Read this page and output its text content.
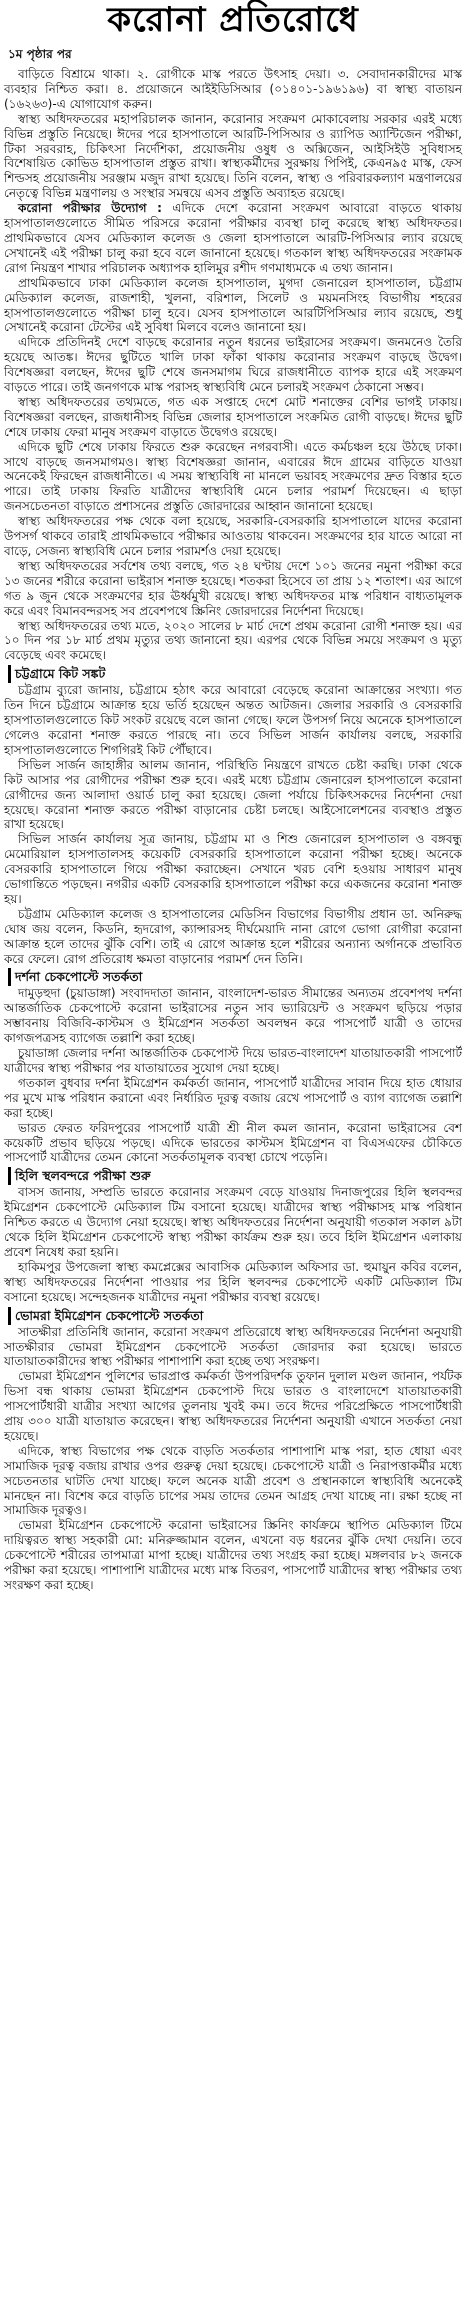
করোনা প্রতিরোধে
১ম পৃষ্ঠার পর

বাড়িতে বিশ্রামে থাকা। ২. রোগীকে মাস্ক পরতে উৎসাহ দেয়া। ৩. সেবাদানকারীদের মাস্ক ব্যবহার নিশ্চিত করা। ৪. প্রয়োজনে আইইডিসিআর (০১৪০১-১৯৬১৯৬) বা স্বাস্থ্য বাতায়ন (১৬২৬৩)-এ যোগাযোগ করুন।

স্বাস্থ্য অধিদফতরের মহাপরিচালক জানান, করোনার সংক্রমণ মোকাবেলায় সরকার এরই মধ্যে বিভিন্ন প্রস্তুতি নিয়েছে। ঈদের পরে হাসপাতালে আরটি-পিসিআর ও র‌্যাপিড অ্যান্টিজেন পরীক্ষা, টিকা সরবরাহ, চিকিৎসা নির্দেশিকা, প্রয়োজনীয় ওষুধ ও অক্সিজেন, আইসিইউ সুবিধাসহ বিশেষায়িত কোভিড হাসপাতাল প্রস্তুত রাখা। স্বাস্থ্যকর্মীদের সুরক্ষায় পিপিই, কেএন৯৫ মাস্ক, ফেস শিল্ডসহ প্রয়োজনীয় সরঞ্জাম মজুদ রাখা হয়েছে। তিনি বলেন, স্বাস্থ্য ও পরিবারকল্যাণ মন্ত্রণালয়ের নেতৃত্বে বিভিন্ন মন্ত্রণালয় ও সংস্থার সমন্বয়ে এসব প্রস্তুতি অব্যাহত রয়েছে।

করোনা পরীক্ষার উদ্যোগ : এদিকে দেশে করোনা সংক্রমণ আবারো বাড়তে থাকায় হাসপাতালগুলোতে সীমিত পরিসরে করোনা পরীক্ষার ব্যবস্থা চালু করেছে স্বাস্থ্য অধিদফতর। প্রাথমিকভাবে যেসব মেডিক্যাল কলেজ ও জেলা হাসপাতালে আরটি-পিসিআর ল্যাব রয়েছে সেখানেই এই পরীক্ষা চালু করা হবে বলে জানানো হয়েছে। গতকাল স্বাস্থ্য অধিদফতরের সংক্রামক রোগ নিয়ন্ত্রণ শাখার পরিচালক অধ্যাপক হালিমুর রশীদ গণমাধ্যমকে এ তথ্য জানান।

প্রাথমিকভাবে ঢাকা মেডিক্যাল কলেজ হাসপাতাল, মুগদা জেনারেল হাসপাতাল, চট্টগ্রাম মেডিক্যাল কলেজ, রাজশাহী, খুলনা, বরিশাল, সিলেট ও ময়মনসিংহ বিভাগীয় শহরের হাসপাতালগুলোতে পরীক্ষা চালু হবে। যেসব হাসপাতালে আরটিপিসিআর ল্যাব রয়েছে, শুধু সেখানেই করোনা টেস্টের এই সুবিধা মিলবে বলেও জানানো হয়।

এদিকে প্রতিদিনই দেশে বাড়ছে করোনার নতুন ধরনের ভাইরাসের সংক্রমণ। জনমনেও তৈরি হয়েছে আতঙ্ক। ঈদের ছুটিতে খালি ঢাকা ফাঁকা থাকায় করোনার সংক্রমণ বাড়ছে উদ্বেগ। বিশেষজ্ঞরা বলছেন, ঈদের ছুটি শেষে জনসমাগম ঘিরে রাজধানীতে ব্যাপক হারে এই সংক্রমণ বাড়তে পারে। তাই জনগণকে মাস্ক পরাসহ স্বাস্থ্যবিধি মেনে চলারই সংক্রমণ ঠেকানো সম্ভব।

স্বাস্থ্য অধিদফতরের তথ্যমতে, গত এক সপ্তাহে দেশে মোট শনাক্তের বেশির ভাগই ঢাকায়। বিশেষজ্ঞরা বলছেন, রাজধানীসহ বিভিন্ন জেলার হাসপাতালে সংক্রমিত রোগী বাড়ছে। ঈদের ছুটি শেষে ঢাকায় ফেরা মানুষ সংক্রমণ বাড়াতে উদ্বেগও রয়েছে।

এদিকে ছুটি শেষে ঢাকায় ফিরতে শুরু করেছেন নগরবাসী। এতে কর্মচঞ্চল হয়ে উঠছে ঢাকা। সাথে বাড়ছে জনসমাগমও। স্বাস্থ্য বিশেষজ্ঞরা জানান, এবারের ঈদে গ্রামের বাড়িতে যাওয়া অনেকেই ফিরছেন রাজধানীতে। এ সময় স্বাস্থ্যবিধি না মানলে ভয়াবহ সংক্রমণের দ্রুত বিস্তার হতে পারে। তাই ঢাকায় ফিরতি যাত্রীদের স্বাস্থ্যবিধি মেনে চলার পরামর্শ দিয়েছেন। এ ছাড়া জনসচেতনতা বাড়াতে প্রশাসনের প্রস্তুতি জোরদারের আহ্বান জানানো হয়েছে।

স্বাস্থ্য অধিদফতরের পক্ষ থেকে বলা হয়েছে, সরকারি-বেসরকারি হাসপাতালে যাদের করোনা উপসর্গ থাকবে তারাই প্রাথমিকভাবে পরীক্ষার আওতায় থাকবেন। সংক্রমণের হার যাতে আরো না বাড়ে, সেজন্য স্বাস্থ্যবিধি মেনে চলার পরামর্শও দেয়া হয়েছে।

স্বাস্থ্য অধিদফতরের সর্বশেষ তথ্য বলছে, গত ২৪ ঘণ্টায় দেশে ১০১ জনের নমুনা পরীক্ষা করে ১৩ জনের শরীরে করোনা ভাইরাস শনাক্ত হয়েছে। শতকরা হিসেবে তা প্রায় ১২ শতাংশ। এর আগে গত ৯ জুন থেকে সংক্রমণের হার ঊর্ধ্বমুখী রয়েছে। স্বাস্থ্য অধিদফতর মাস্ক পরিধান বাধ্যতামূলক করে এবং বিমানবন্দরসহ সব প্রবেশপথে স্ক্রিনিং জোরদারের নির্দেশনা দিয়েছে।

স্বাস্থ্য অধিদফতরের তথ্য মতে, ২০২০ সালের ৮ মার্চ দেশে প্রথম করোনা রোগী শনাক্ত হয়। এর ১০ দিন পর ১৮ মার্চ প্রথম মৃত্যুর তথ্য জানানো হয়। এরপর থেকে বিভিন্ন সময়ে সংক্রমণ ও মৃত্যু বেড়েছে এবং কমেছে।

চট্টগ্রামে কিট সঙ্কট

চট্টগ্রাম ব্যুরো জানায়, চট্টগ্রামে হঠাৎ করে আবারো বেড়েছে করোনা আক্রান্তের সংখ্যা। গত তিন দিনে চট্টগ্রামে আক্রান্ত হয়ে ভর্তি হয়েছেন অন্তত আটজন। জেলার সরকারি ও বেসরকারি হাসপাতালগুলোতে কিট সংকট রয়েছে বলে জানা গেছে। ফলে উপসর্গ নিয়ে অনেকে হাসপাতালে গেলেও করোনা শনাক্ত করতে পারছে না। তবে সিভিল সার্জন কার্যালয় বলছে, সরকারি হাসপাতালগুলোতে শিগগিরই কিট পৌঁছাবে।

সিভিল সার্জন জাহাঙ্গীর আলম জানান, পরিস্থিতি নিয়ন্ত্রণে রাখতে চেষ্টা করছি। ঢাকা থেকে কিট আসার পর রোগীদের পরীক্ষা শুরু হবে। এরই মধ্যে চট্টগ্রাম জেনারেল হাসপাতালে করোনা রোগীদের জন্য আলাদা ওয়ার্ড চালু করা হয়েছে। জেলা পর্যায়ে চিকিৎসকদের নির্দেশনা দেয়া হয়েছে। করোনা শনাক্ত করতে পরীক্ষা বাড়ানোর চেষ্টা চলছে। আইসোলেশনের ব্যবস্থাও প্রস্তুত রাখা হয়েছে।

সিভিল সার্জন কার্যালয় সূত্র জানায়, চট্টগ্রাম মা ও শিশু জেনারেল হাসপাতাল ও বঙ্গবন্ধু মেমোরিয়াল হাসপাতালসহ কয়েকটি বেসরকারি হাসপাতালে করোনা পরীক্ষা হচ্ছে। অনেকে বেসরকারি হাসপাতালে গিয়ে পরীক্ষা করাচ্ছেন। সেখানে খরচ বেশি হওয়ায় সাধারণ মানুষ ভোগান্তিতে পড়ছেন। নগরীর একটি বেসরকারি হাসপাতালে পরীক্ষা করে একজনের করোনা শনাক্ত হয়।

চট্টগ্রাম মেডিক্যাল কলেজ ও হাসপাতালের মেডিসিন বিভাগের বিভাগীয় প্রধান ডা. অনিরুদ্ধ ঘোষ জয় বলেন, কিডনি, হৃদরোগ, ক্যান্সারসহ দীর্ঘমেয়াদি নানা রোগে ভোগা রোগীরা করোনা আক্রান্ত হলে তাদের ঝুঁকি বেশি। তাই এ রোগে আক্রান্ত হলে শরীরের অন্যান্য অর্গানকে প্রভাবিত করে ফেলে। রোগ প্রতিরোধ ক্ষমতা বাড়ানোর পরামর্শ দেন তিনি।

দর্শনা চেকপোস্টে সতর্কতা

দামুড়হুদা (চুয়াডাঙ্গা) সংবাদদাতা জানান, বাংলাদেশ-ভারত সীমান্তের অন্যতম প্রবেশপথ দর্শনা আন্তর্জাতিক চেকপোস্টে করোনা ভাইরাসের নতুন সাব ভ্যারিয়েন্ট ও সংক্রমণ ছড়িয়ে পড়ার সম্ভাবনায় বিজিবি-কাস্টমস ও ইমিগ্রেশন সতর্কতা অবলম্বন করে পাসপোর্ট যাত্রী ও তাদের কাগজপত্রসহ ব্যাগেজ তল্লাশি করা হচ্ছে।

চুয়াডাঙ্গা জেলার দর্শনা আন্তর্জাতিক চেকপোস্ট দিয়ে ভারত-বাংলাদেশ যাতায়াতকারী পাসপোর্ট যাত্রীদের স্বাস্থ্য পরীক্ষার পর যাতায়াতের সুযোগ দেয়া হচ্ছে।

গতকাল বুধবার দর্শনা ইমিগ্রেশন কর্মকর্তা জানান, পাসপোর্ট যাত্রীদের সাবান দিয়ে হাত ধোয়ার পর মুখে মাস্ক পরিধান করানো এবং নির্ধারিত দূরত্ব বজায় রেখে পাসপোর্ট ও ব্যাগ ব্যাগেজ তল্লাশি করা হচ্ছে।

ভারত ফেরত ফরিদপুরের পাসপোর্ট যাত্রী শ্রী নীল কমল জানান, করোনা ভাইরাসের বেশ কয়েকটি প্রভাব ছড়িয়ে পড়ছে। এদিকে ভারতের কাস্টমস ইমিগ্রেশন বা বিএসএফের চৌকিতে পাসপোর্ট যাত্রীদের তেমন কোনো সতর্কতামূলক ব্যবস্থা চোখে পড়েনি।

হিলি স্থলবন্দরে পরীক্ষা শুরু

বাসস জানায়, সম্প্রতি ভারতে করোনার সংক্রমণ বেড়ে যাওয়ায় দিনাজপুরের হিলি স্থলবন্দর ইমিগ্রেশন চেকপোস্টে মেডিক্যাল টিম বসানো হয়েছে। যাত্রীদের স্বাস্থ্য পরীক্ষাসহ মাস্ক পরিধান নিশ্চিত করতে এ উদ্যোগ নেয়া হয়েছে। স্বাস্থ্য অধিদফতরের নির্দেশনা অনুযায়ী গতকাল সকাল ৯টা থেকে হিলি ইমিগ্রেশন চেকপোস্টে স্বাস্থ্য পরীক্ষা কার্যক্রম শুরু হয়। তবে হিলি ইমিগ্রেশন এলাকায় প্রবেশ নিষেধ করা হয়নি।

হাকিমপুর উপজেলা স্বাস্থ্য কমপ্লেক্সের আবাসিক মেডিক্যাল অফিসার ডা. হুমায়ুন কবির বলেন, স্বাস্থ্য অধিদফতরের নির্দেশনা পাওয়ার পর হিলি স্থলবন্দর চেকপোস্টে একটি মেডিক্যাল টিম বসানো হয়েছে। সন্দেহজনক যাত্রীদের নমুনা পরীক্ষার ব্যবস্থা রয়েছে।

ভোমরা ইমিগ্রেশন চেকপোস্টে সতর্কতা

সাতক্ষীরা প্রতিনিধি জানান, করোনা সংক্রমণ প্রতিরোধে স্বাস্থ্য অধিদফতরের নির্দেশনা অনুযায়ী সাতক্ষীরার ভোমরা ইমিগ্রেশন চেকপোস্টে সতর্কতা জোরদার করা হয়েছে। ভারতে যাতায়াতকারীদের স্বাস্থ্য পরীক্ষার পাশাপাশি করা হচ্ছে তথ্য সংরক্ষণ।

ভোমরা ইমিগ্রেশন পুলিশের ভারপ্রাপ্ত কর্মকর্তা উপপরিদর্শক তুফান দুলাল মণ্ডল জানান, পর্যটক ভিসা বন্ধ থাকায় ভোমরা ইমিগ্রেশন চেকপোস্ট দিয়ে ভারত ও বাংলাদেশে যাতায়াতকারী পাসপোর্টধারী যাত্রীর সংখ্যা আগের তুলনায় খুবই কম। তবে ঈদের পরিপ্রেক্ষিতে পাসপোর্টধারী প্রায় ৩০০ যাত্রী যাতায়াত করেছেন। স্বাস্থ্য অধিদফতরের নির্দেশনা অনুযায়ী এখানে সতর্কতা নেয়া হয়েছে।

এদিকে, স্বাস্থ্য বিভাগের পক্ষ থেকে বাড়তি সতর্কতার পাশাপাশি মাস্ক পরা, হাত ধোয়া এবং সামাজিক দূরত্ব বজায় রাখার ওপর গুরুত্ব দেয়া হয়েছে। চেকপোস্টে যাত্রী ও নিরাপত্তাকর্মীর মধ্যে সচেতনতার ঘাটতি দেখা যাচ্ছে। ফলে অনেক যাত্রী প্রবেশ ও প্রস্থানকালে স্বাস্থ্যবিধি অনেকেই মানছেন না। বিশেষ করে বাড়তি চাপের সময় তাদের তেমন আগ্রহ দেখা যাচ্ছে না। রক্ষা হচ্ছে না সামাজিক দূরত্বও।

ভোমরা ইমিগ্রেশন চেকপোস্টে করোনা ভাইরাসের স্ক্রিনিং কার্যক্রমে স্থাপিত মেডিক্যাল টিমে দায়িত্বরত স্বাস্থ্য সহকারী মো: মনিরুজ্জামান বলেন, এখনো বড় ধরনের ঝুঁকি দেখা দেয়নি। তবে চেকপোস্টে শরীরের তাপমাত্রা মাপা হচ্ছে। যাত্রীদের তথ্য সংগ্রহ করা হচ্ছে। মঙ্গলবার ৮২ জনকে পরীক্ষা করা হয়েছে। পাশাপাশি যাত্রীদের মধ্যে মাস্ক বিতরণ, পাসপোর্ট যাত্রীদের স্বাস্থ্য পরীক্ষার তথ্য সংরক্ষণ করা হচ্ছে।
